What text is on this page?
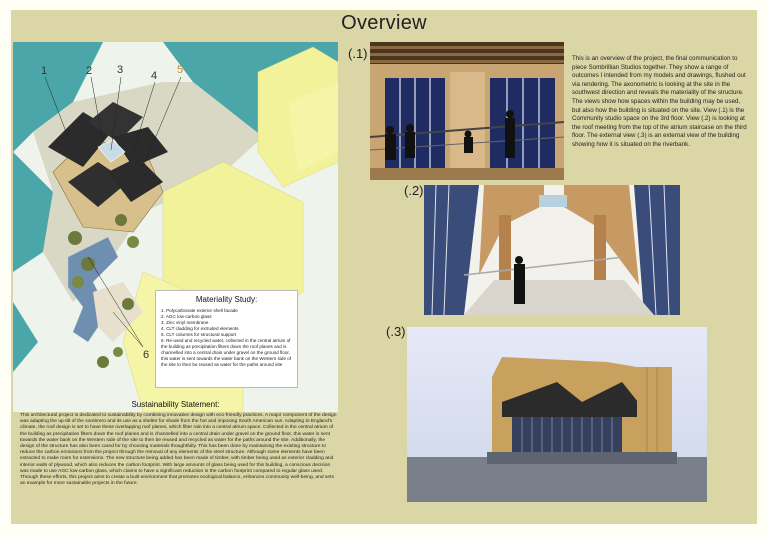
Overview
1	2 3	4 5
6
Materiality Study:
1. Polycarbonate exterior shell facade
2. AGC low-carbon glass
3. Zinc vinyl membrane
4. CLT cladding for extruded elements
5. CLT columns for structural support
6. Re-used and recycled water, collected in the central atrium of the building as precipitation filters down the roof planes and is channelled into a central drain under gravel on the ground floor, this water is sent towards the water bank on the Western side of the site to then be reused as water for the paths around site
Sustainability Statement:
This architectural project is dedicated to sustainability by combining innovative design with eco-friendly practices. A major component of the design was adapting the up-tilt of the sombrero and its use as a shelter for shade from the hot and imposing South American sun. Adapting to England's climate, the roof design is set to have these overlapping roof planes, which filter rain into a central atrium space. Collected in the central atrium of the building as precipitation filters down the roof planes and is channelled into a central drain under gravel on the ground floor, this water is sent towards the water bank on the Western side of the site to then be reused and recycled as water for the paths around the site. Additionally, the design of the structure has also been cared for by choosing materials thoughtfully. This has been done by maintaining the existing structure to reduce the carbon emissions from the project through the removal of any elements of the steel structure. Although some elements have been extracted to make room for extensions. The new structure being added has been made of timber, with timber being used as exterior cladding and interior walls of plywood, which also reduces the carbon footprint. With large amounts of glass being used for this building, a conscious decision was made to use AGC low-carbon glass, which claims to have a significant reduction in the carbon footprint compared to regular glass used. Through these efforts, this project aims to create a built environment that promotes ecological balance, enhances community well-being, and sets an example for more sustainable projects in the future.
(.1)	This is an overview of the project, the final communication to piece Sombrillian Studios together. They show a range of outcomes I intended from my models and drawings, flushed out via rendering. The axonometric is looking at the site in the southwest direction and reveals the materiality of the structure. The views show how spaces within the building may be used, but also how the building is situated on the site. View (.1) is the Community studio space on the 3rd floor. View (.2) is looking at the roof meeting from the top of the atrium staircase on the third floor. The external view (.3) is an external view of the building showing how it is situated on the riverbank.
(.2)
(.3)
